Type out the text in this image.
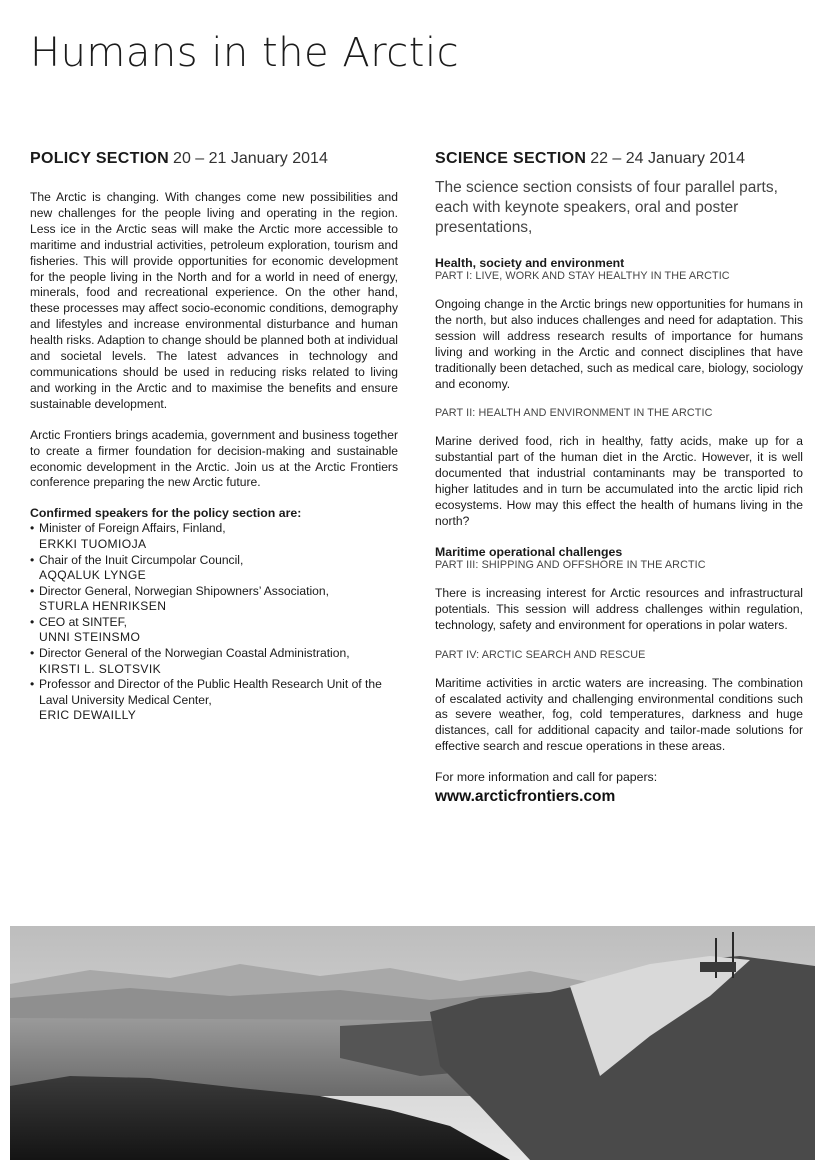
Humans in the Arctic
POLICY SECTION 20 – 21 January 2014

The Arctic is changing. With changes come new possibilities and new challenges for the people living and operating in the region. Less ice in the Arctic seas will make the Arctic more accessible to maritime and industrial activities, petroleum exploration, tourism and fisheries. This will provide opportunities for economic development for the people living in the North and for a world in need of energy, minerals, food and recreational experience. On the other hand, these processes may affect socio-economic conditions, demography and lifestyles and increase environmental disturbance and human health risks. Adaption to change should be planned both at individual and societal levels. The latest advances in technology and communications should be used in reducing risks related to living and working in the Arctic and to maximise the benefits and ensure sustainable development.

Arctic Frontiers brings academia, government and business together to create a firmer foundation for decision-making and sustainable economic development in the Arctic. Join us at the Arctic Frontiers conference preparing the new Arctic future.

Confirmed speakers for the policy section are:

• Minister of Foreign Affairs, Finland,
ERKKI TUOMIOJA
• Chair of the Inuit Circumpolar Council,
AQQALUK LYNGE
• Director General, Norwegian Shipowners’ Association,
STURLA HENRIKSEN
• CEO at SINTEF,
UNNI STEINSMO
• Director General of the Norwegian Coastal Administration,
KIRSTI L. SLOTSVIK
• Professor and Director of the Public Health Research Unit of the Laval University Medical Center,
ERIC DEWAILLY
SCIENCE SECTION 22 – 24 January 2014

The science section consists of four parallel parts, each with keynote speakers, oral and poster presentations,

Health, society and environment

PART I: LIVE, WORK AND STAY HEALTHY IN THE ARCTIC

Ongoing change in the Arctic brings new opportunities for humans in the north, but also induces challenges and need for adaptation. This session will address research results of importance for humans living and working in the Arctic and connect disciplines that have traditionally been detached, such as medical care, biology, sociology and economy.

PART II: HEALTH AND ENVIRONMENT IN THE ARCTIC

Marine derived food, rich in healthy, fatty acids, make up for a substantial part of the human diet in the Arctic. However, it is well documented that industrial contaminants may be transported to higher latitudes and in turn be accumulated into the arctic lipid rich ecosystems. How may this effect the health of humans living in the north?

Maritime operational challenges

PART III: SHIPPING AND OFFSHORE IN THE ARCTIC

There is increasing interest for Arctic resources and infrastructural potentials. This session will address challenges within regulation, technology, safety and environment for operations in polar waters.

PART IV: ARCTIC SEARCH AND RESCUE

Maritime activities in arctic waters are increasing. The combination of escalated activity and challenging environmental conditions such as severe weather, fog, cold temperatures, darkness and huge distances, call for additional capacity and tailor-made solutions for effective search and rescue operations in these areas.

For more information and call for papers:

www.arcticfrontiers.com
